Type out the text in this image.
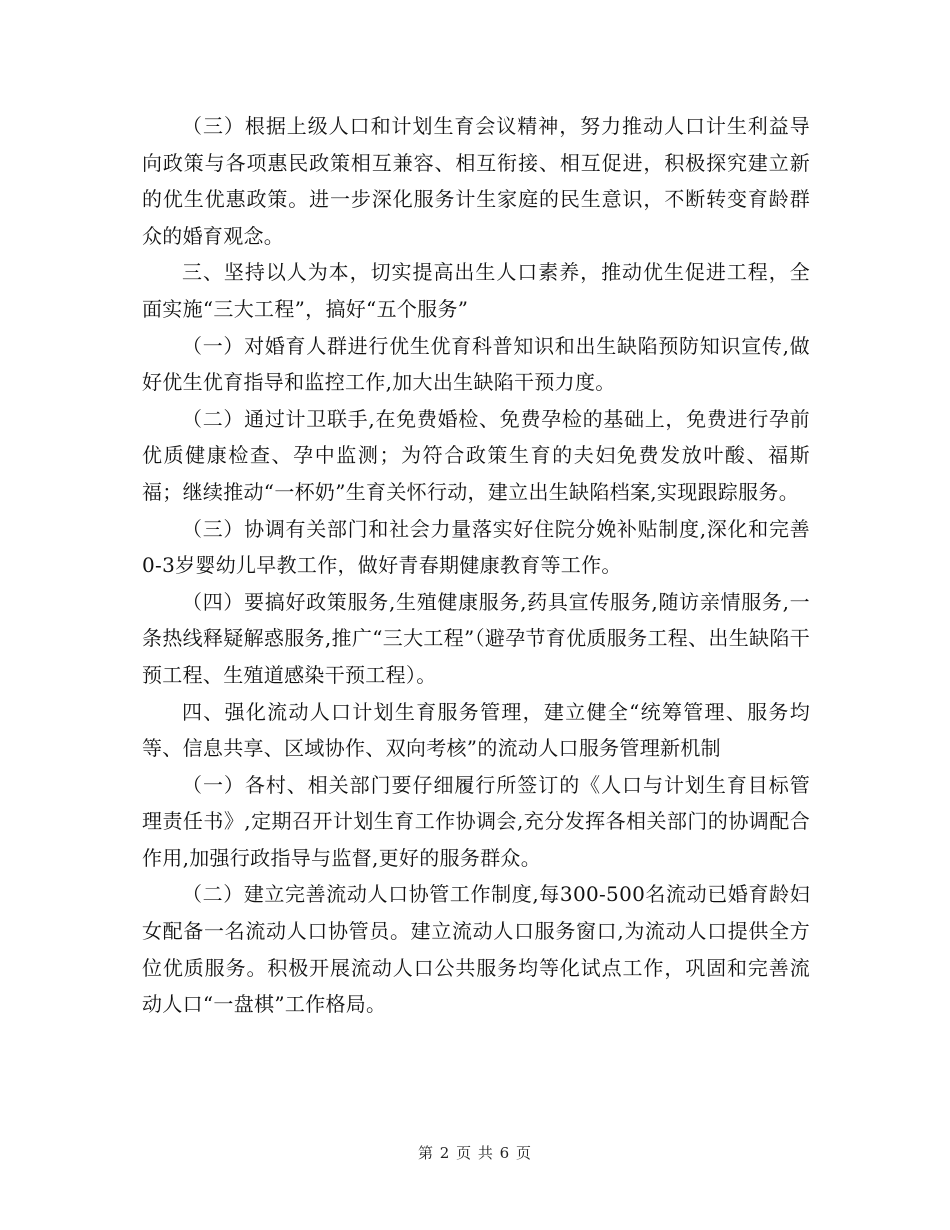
（三）根据上级人口和计划生育会议精神，努力推动人口计生利益导向政策与各项惠民政策相互兼容、相互衔接、相互促进，积极探究建立新的优生优惠政策。进一步深化服务计生家庭的民生意识，不断转变育龄群众的婚育观念。

三、坚持以人为本，切实提高出生人口素养，推动优生促进工程，全面实施“三大工程”，搞好“五个服务”

（一）对婚育人群进行优生优育科普知识和出生缺陷预防知识宣传,做好优生优育指导和监控工作,加大出生缺陷干预力度。

（二）通过计卫联手,在免费婚检、免费孕检的基础上，免费进行孕前优质健康检查、孕中监测；为符合政策生育的夫妇免费发放叶酸、福斯福；继续推动“一杯奶”生育关怀行动，建立出生缺陷档案,实现跟踪服务。

（三）协调有关部门和社会力量落实好住院分娩补贴制度,深化和完善0-3岁婴幼儿早教工作，做好青春期健康教育等工作。

（四）要搞好政策服务,生殖健康服务,药具宣传服务,随访亲情服务,一条热线释疑解惑服务,推广“三大工程”（避孕节育优质服务工程、出生缺陷干预工程、生殖道感染干预工程）。

四、强化流动人口计划生育服务管理，建立健全“统筹管理、服务均等、信息共享、区域协作、双向考核”的流动人口服务管理新机制

（一）各村、相关部门要仔细履行所签订的《人口与计划生育目标管理责任书》,定期召开计划生育工作协调会,充分发挥各相关部门的协调配合作用,加强行政指导与监督,更好的服务群众。

（二）建立完善流动人口协管工作制度,每300-500名流动已婚育龄妇女配备一名流动人口协管员。建立流动人口服务窗口,为流动人口提供全方位优质服务。积极开展流动人口公共服务均等化试点工作，巩固和完善流动人口“一盘棋”工作格局。

第 2 页 共 6 页
